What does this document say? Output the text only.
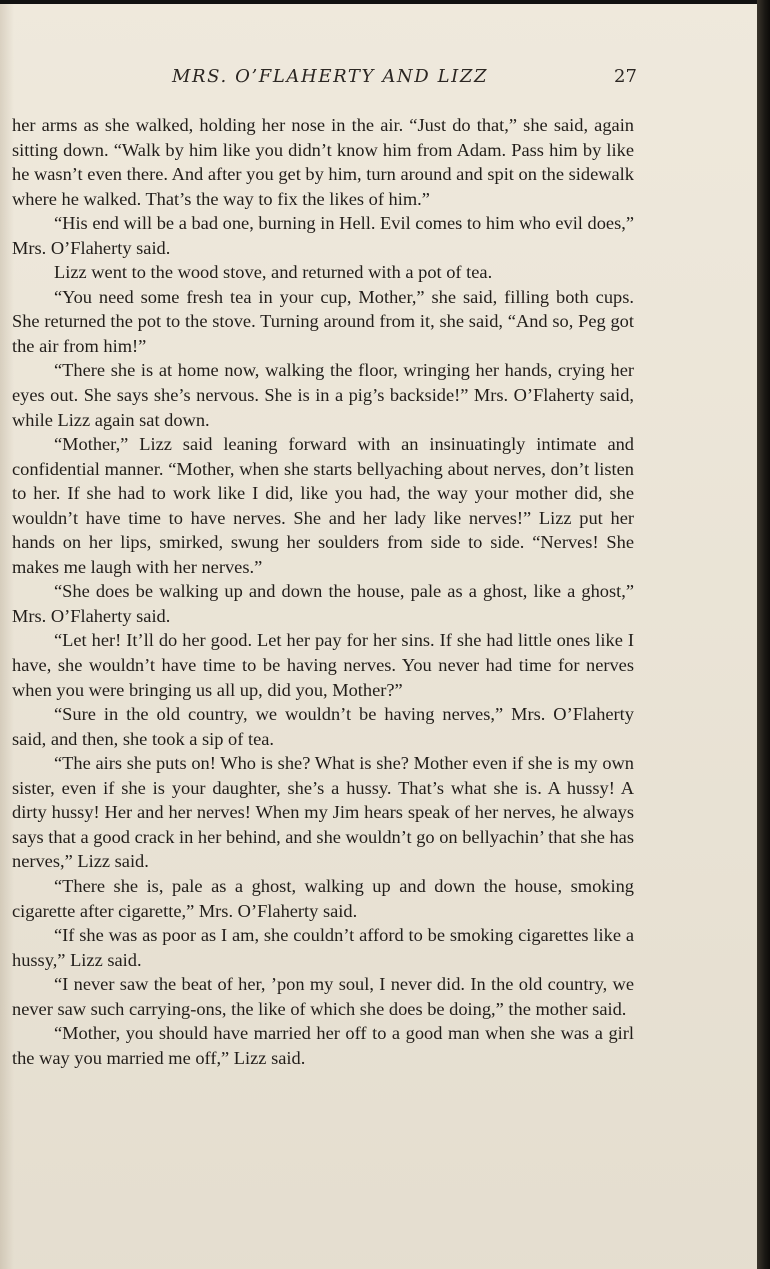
MRS. O’FLAHERTY AND LIZZ	27

her arms as she walked, holding her nose in the air. “Just do that,” she said, again sitting down. “Walk by him like you didn’t know him from Adam. Pass him by like he wasn’t even there. And after you get by him, turn around and spit on the sidewalk where he walked. That’s the way to fix the likes of him.”

“His end will be a bad one, burning in Hell. Evil comes to him who evil does,” Mrs. O’Flaherty said.

Lizz went to the wood stove, and returned with a pot of tea.

“You need some fresh tea in your cup, Mother,” she said, filling both cups. She returned the pot to the stove. Turning around from it, she said, “And so, Peg got the air from him!”

“There she is at home now, walking the floor, wringing her hands, crying her eyes out. She says she’s nervous. She is in a pig’s backside!” Mrs. O’Flaherty said, while Lizz again sat down.

“Mother,” Lizz said leaning forward with an insinuatingly intimate and confidential manner. “Mother, when she starts bellyaching about nerves, don’t listen to her. If she had to work like I did, like you had, the way your mother did, she wouldn’t have time to have nerves. She and her lady like nerves!” Lizz put her hands on her lips, smirked, swung her soulders from side to side. “Nerves! She makes me laugh with her nerves.”

“She does be walking up and down the house, pale as a ghost, like a ghost,” Mrs. O’Flaherty said.

“Let her! It’ll do her good. Let her pay for her sins. If she had little ones like I have, she wouldn’t have time to be having nerves. You never had time for nerves when you were bringing us all up, did you, Mother?”

“Sure in the old country, we wouldn’t be having nerves,” Mrs. O’Flaherty said, and then, she took a sip of tea.

“The airs she puts on! Who is she? What is she? Mother even if she is my own sister, even if she is your daughter, she’s a hussy. That’s what she is. A hussy! A dirty hussy! Her and her nerves! When my Jim hears speak of her nerves, he always says that a good crack in her behind, and she wouldn’t go on bellyachin’ that she has nerves,” Lizz said.

“There she is, pale as a ghost, walking up and down the house, smoking cigarette after cigarette,” Mrs. O’Flaherty said.

“If she was as poor as I am, she couldn’t afford to be smoking cigarettes like a hussy,” Lizz said.

“I never saw the beat of her, ’pon my soul, I never did. In the old country, we never saw such carrying-ons, the like of which she does be doing,” the mother said.

“Mother, you should have married her off to a good man when she was a girl the way you married me off,” Lizz said.
